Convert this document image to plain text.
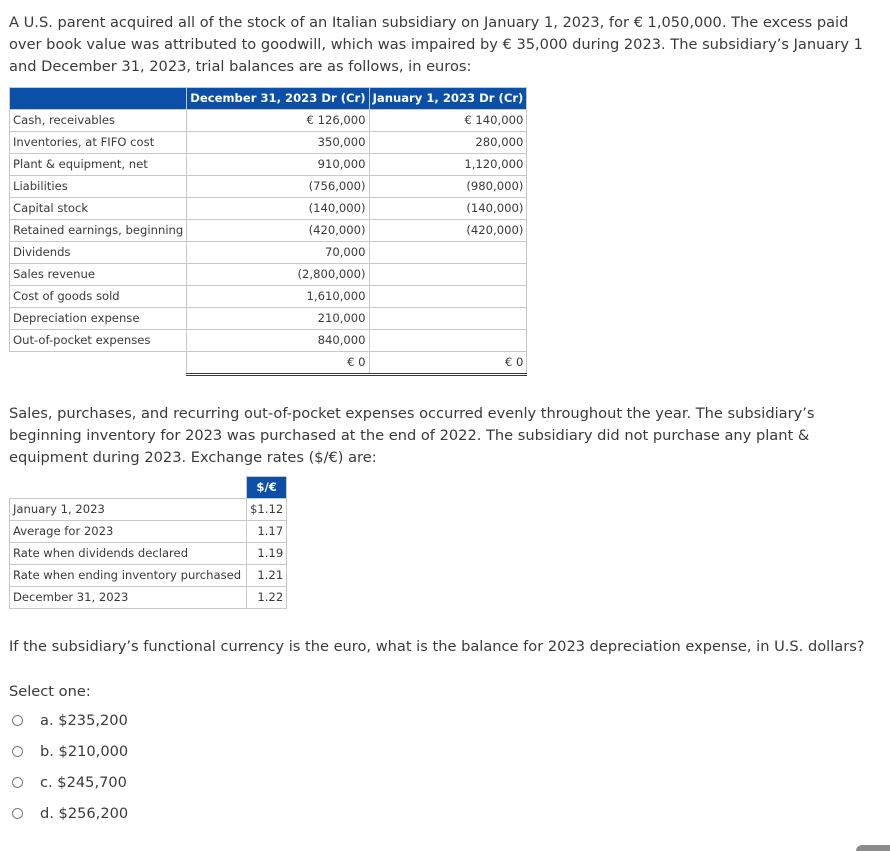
A U.S. parent acquired all of the stock of an Italian subsidiary on January 1, 2023, for € 1,050,000. The excess paid over book value was attributed to goodwill, which was impaired by € 35,000 during 2023. The subsidiary’s January 1 and December 31, 2023, trial balances are as follows, in euros:

	December 31, 2023 Dr (Cr)	January 1, 2023 Dr (Cr)
Cash, receivables	€ 126,000	€ 140,000
Inventories, at FIFO cost	350,000	280,000
Plant & equipment, net	910,000	1,120,000
Liabilities	(756,000)	(980,000)
Capital stock	(140,000)	(140,000)
Retained earnings, beginning	(420,000)	(420,000)
Dividends	70,000	
Sales revenue	(2,800,000)	
Cost of goods sold	1,610,000	
Depreciation expense	210,000	
Out-of-pocket expenses	840,000	
	€ 0	€ 0

Sales, purchases, and recurring out-of-pocket expenses occurred evenly throughout the year. The subsidiary’s beginning inventory for 2023 was purchased at the end of 2022. The subsidiary did not purchase any plant & equipment during 2023. Exchange rates ($/€) are:

	$/€
January 1, 2023	$1.12
Average for 2023	1.17
Rate when dividends declared	1.19
Rate when ending inventory purchased	1.21
December 31, 2023	1.22

If the subsidiary’s functional currency is the euro, what is the balance for 2023 depreciation expense, in U.S. dollars?

Select one:
a. $235,200
b. $210,000
c. $245,700
d. $256,200
